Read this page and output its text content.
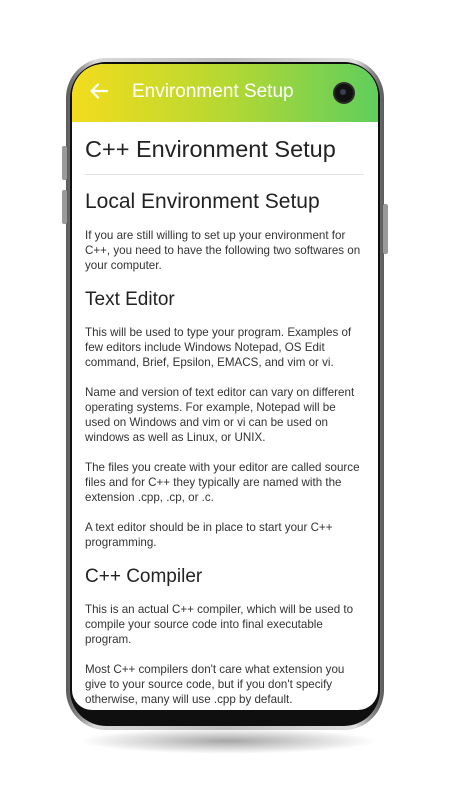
Environment Setup
C++ Environment Setup
Local Environment Setup

If you are still willing to set up your environment for C++, you need to have the following two softwares on your computer.

Text Editor

This will be used to type your program. Examples of few editors include Windows Notepad, OS Edit command, Brief, Epsilon, EMACS, and vim or vi.

Name and version of text editor can vary on different operating systems. For example, Notepad will be used on Windows and vim or vi can be used on windows as well as Linux, or UNIX.

The files you create with your editor are called source files and for C++ they typically are named with the extension .cpp, .cp, or .c.

A text editor should be in place to start your C++ programming.

C++ Compiler

This is an actual C++ compiler, which will be used to compile your source code into final executable program.

Most C++ compilers don't care what extension you give to your source code, but if you don't specify otherwise, many will use .cpp by default.
